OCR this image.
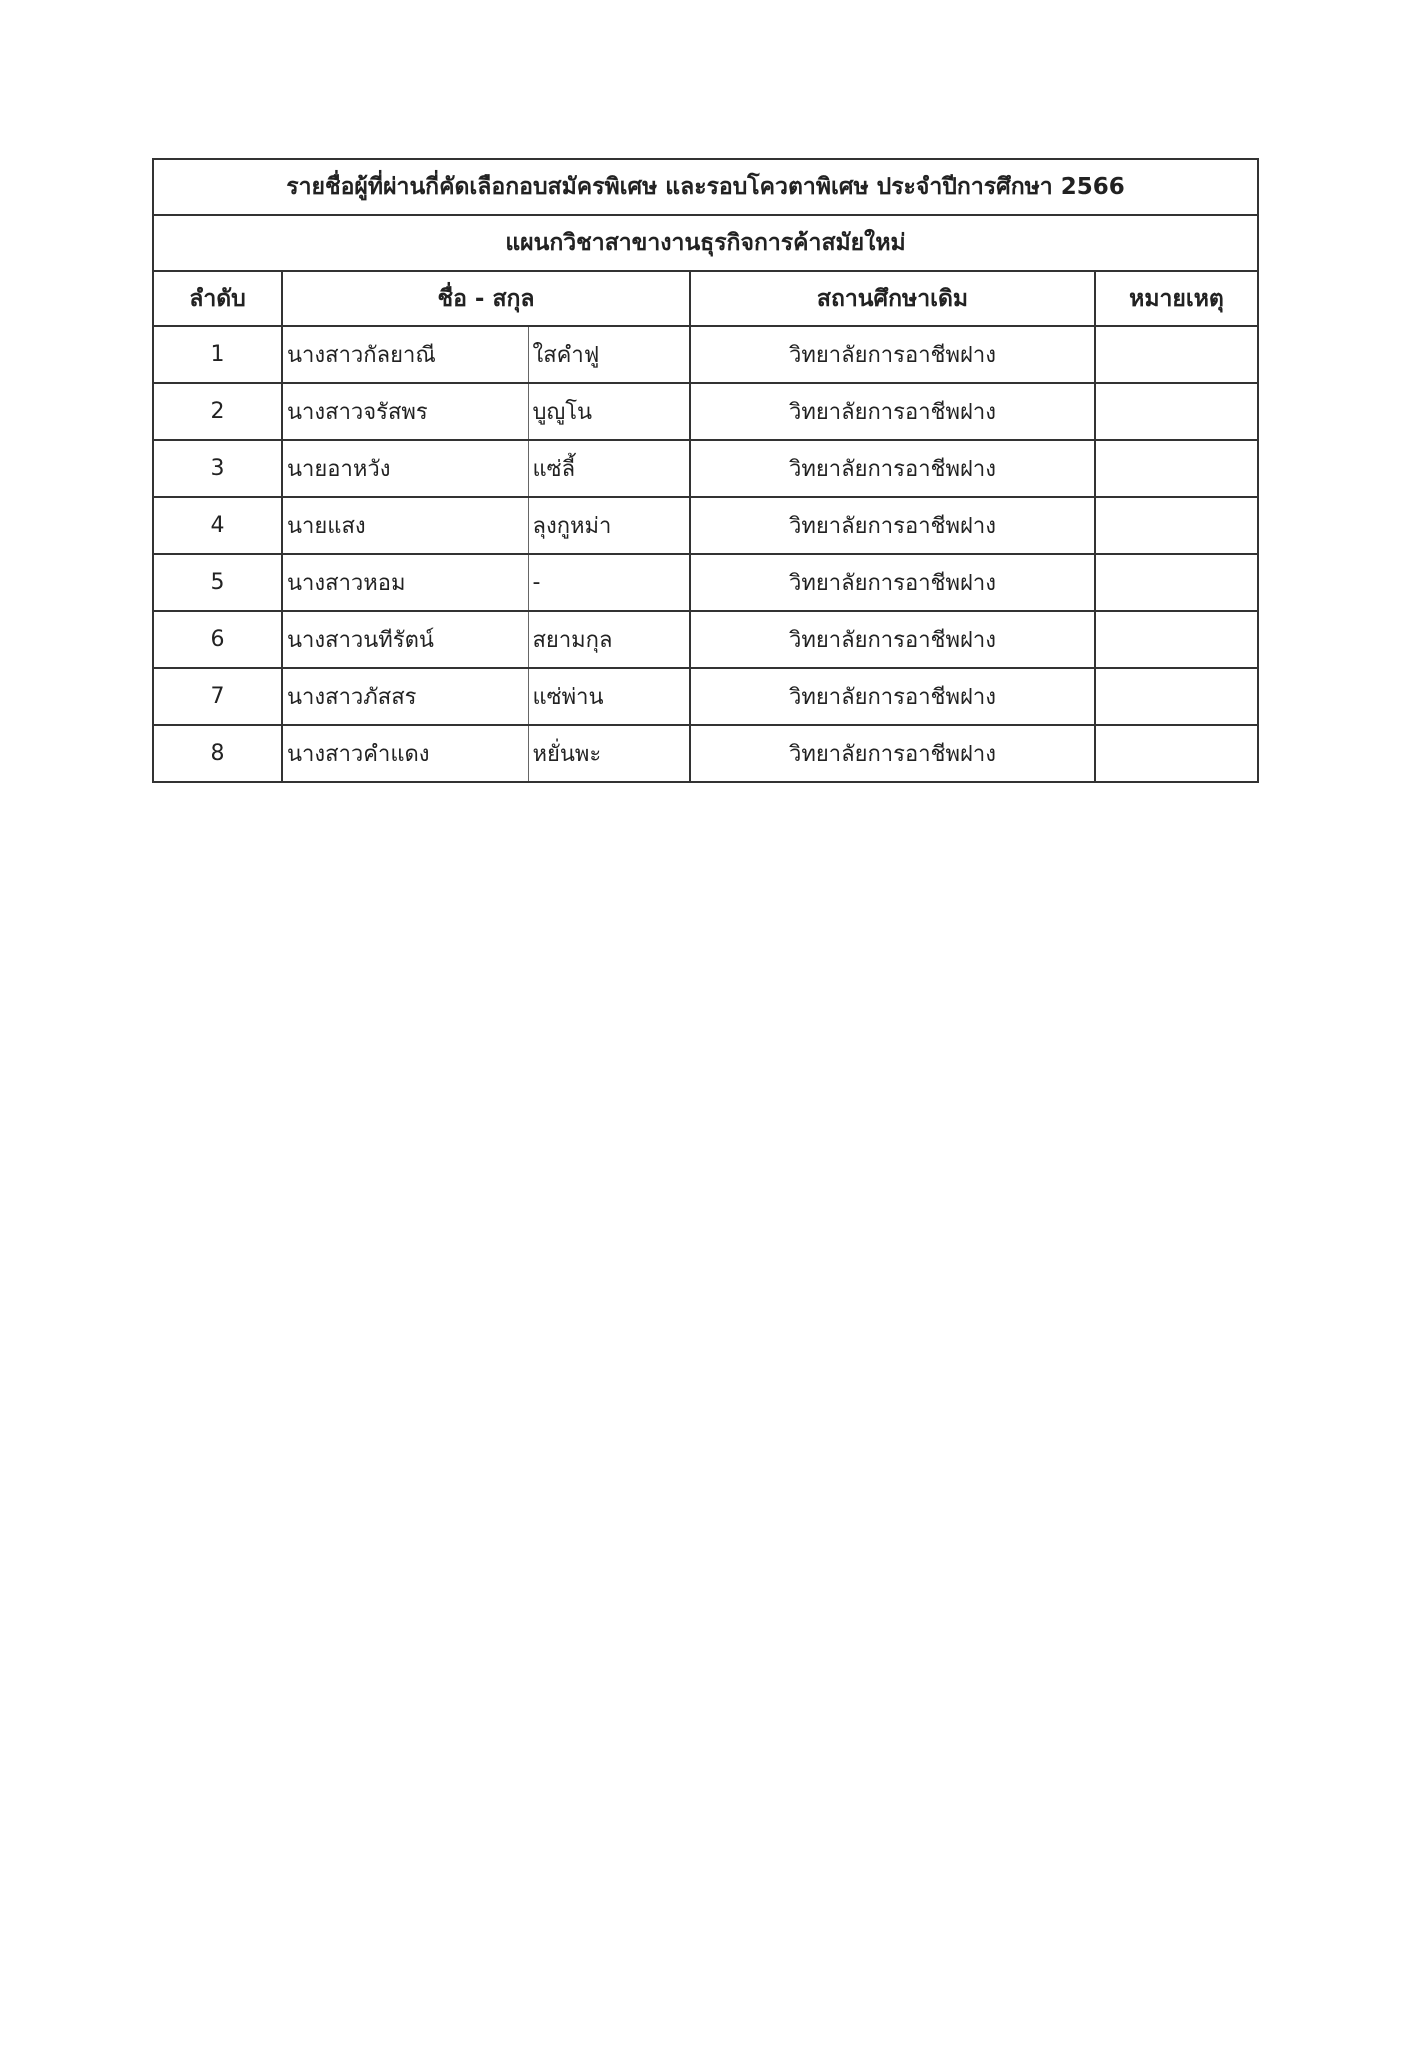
รายชื่อผู้ที่ผ่านกี่คัดเลือกอบสมัครพิเศษ และรอบโควตาพิเศษ ประจำปีการศึกษา 2566				
แผนกวิชาสาขางานธุรกิจการค้าสมัยใหม่				
ลำดับ	ชื่อ - สกุล		สถานศึกษาเดิม	หมายเหตุ
1	นางสาวกัลยาณี	ใสคำฟู	วิทยาลัยการอาชีพฝาง	
2	นางสาวจรัสพร	บูญูโน	วิทยาลัยการอาชีพฝาง	
3	นายอาหวัง	แซ่ลี้	วิทยาลัยการอาชีพฝาง	
4	นายแสง	ลุงกูหม่า	วิทยาลัยการอาชีพฝาง	
5	นางสาวหอม	-	วิทยาลัยการอาชีพฝาง	
6	นางสาวนทีรัตน์	สยามกุล	วิทยาลัยการอาชีพฝาง	
7	นางสาวภัสสร	แซ่พ่าน	วิทยาลัยการอาชีพฝาง	
8	นางสาวคำแดง	หยั่นพะ	วิทยาลัยการอาชีพฝาง	
